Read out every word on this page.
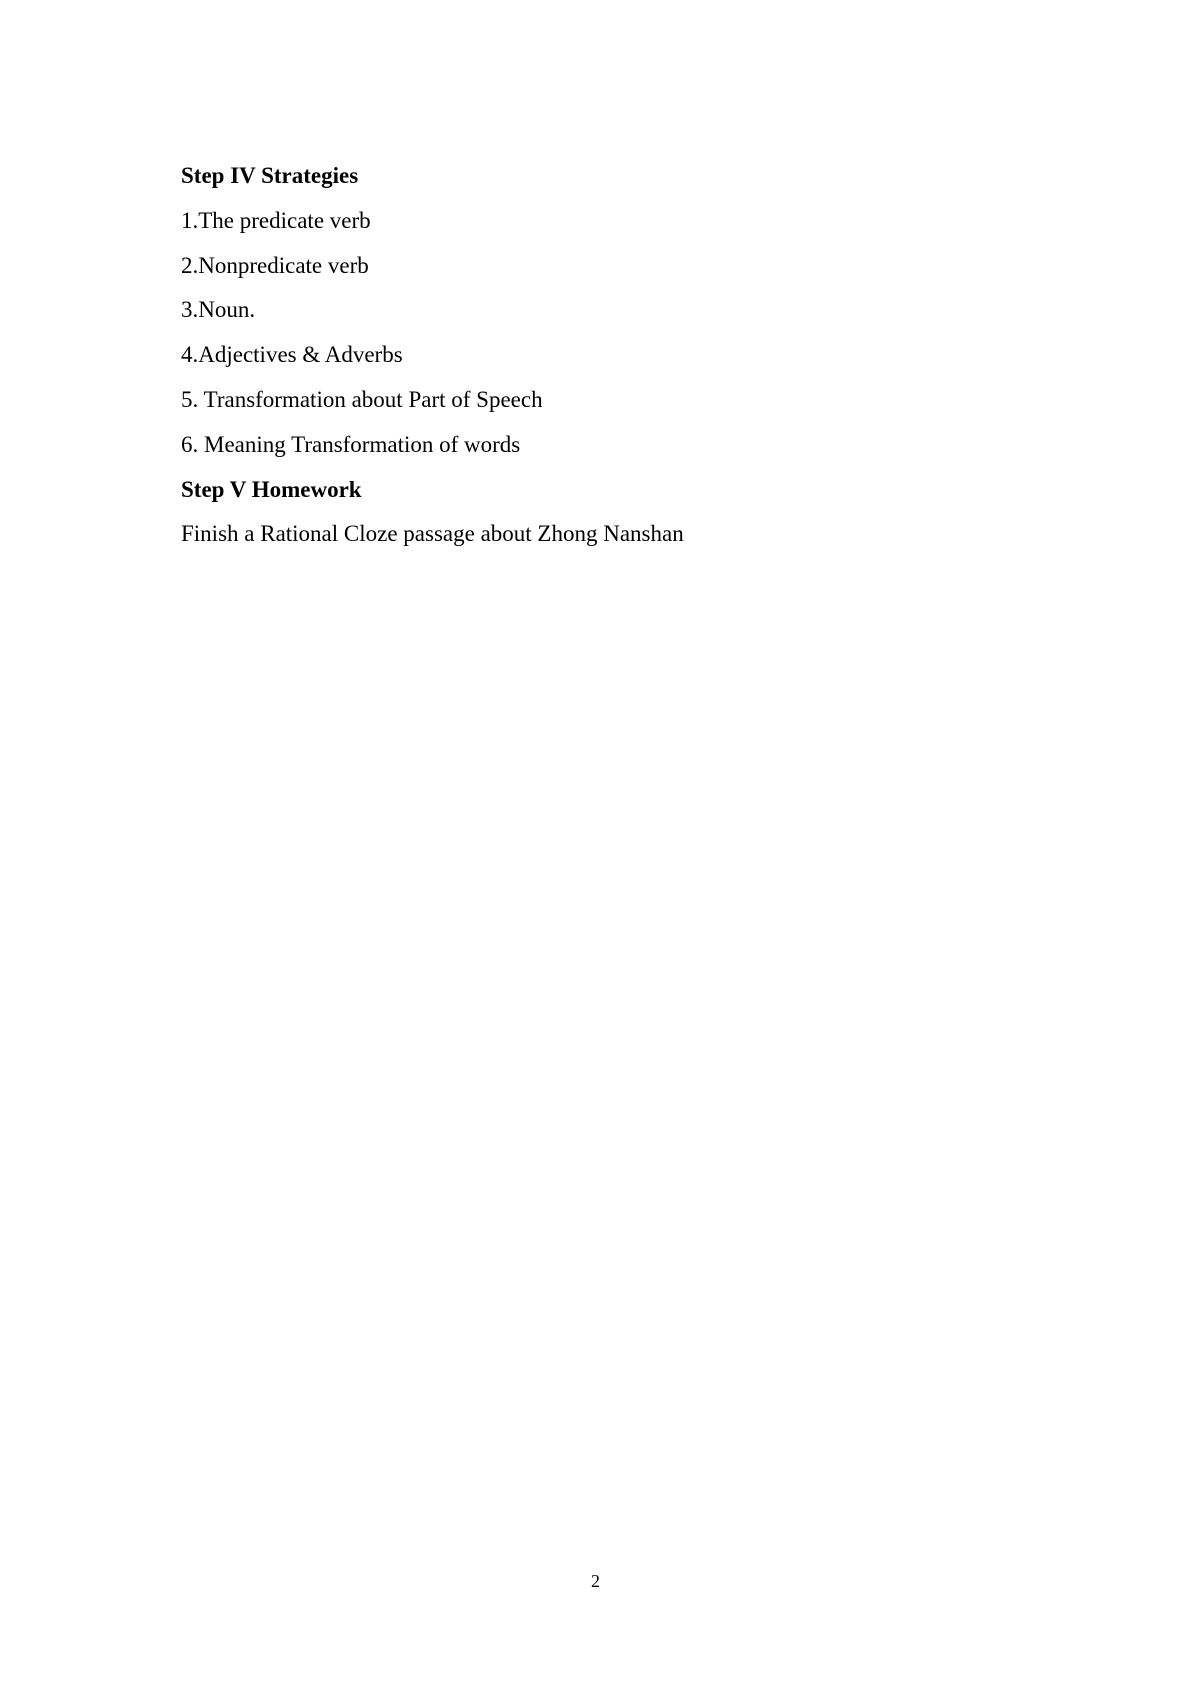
Step IV Strategies
1.The predicate verb
2.Nonpredicate verb
3.Noun.
4.Adjectives & Adverbs
5. Transformation about Part of Speech
6. Meaning Transformation of words
Step V Homework
Finish a Rational Cloze passage about Zhong Nanshan
2
